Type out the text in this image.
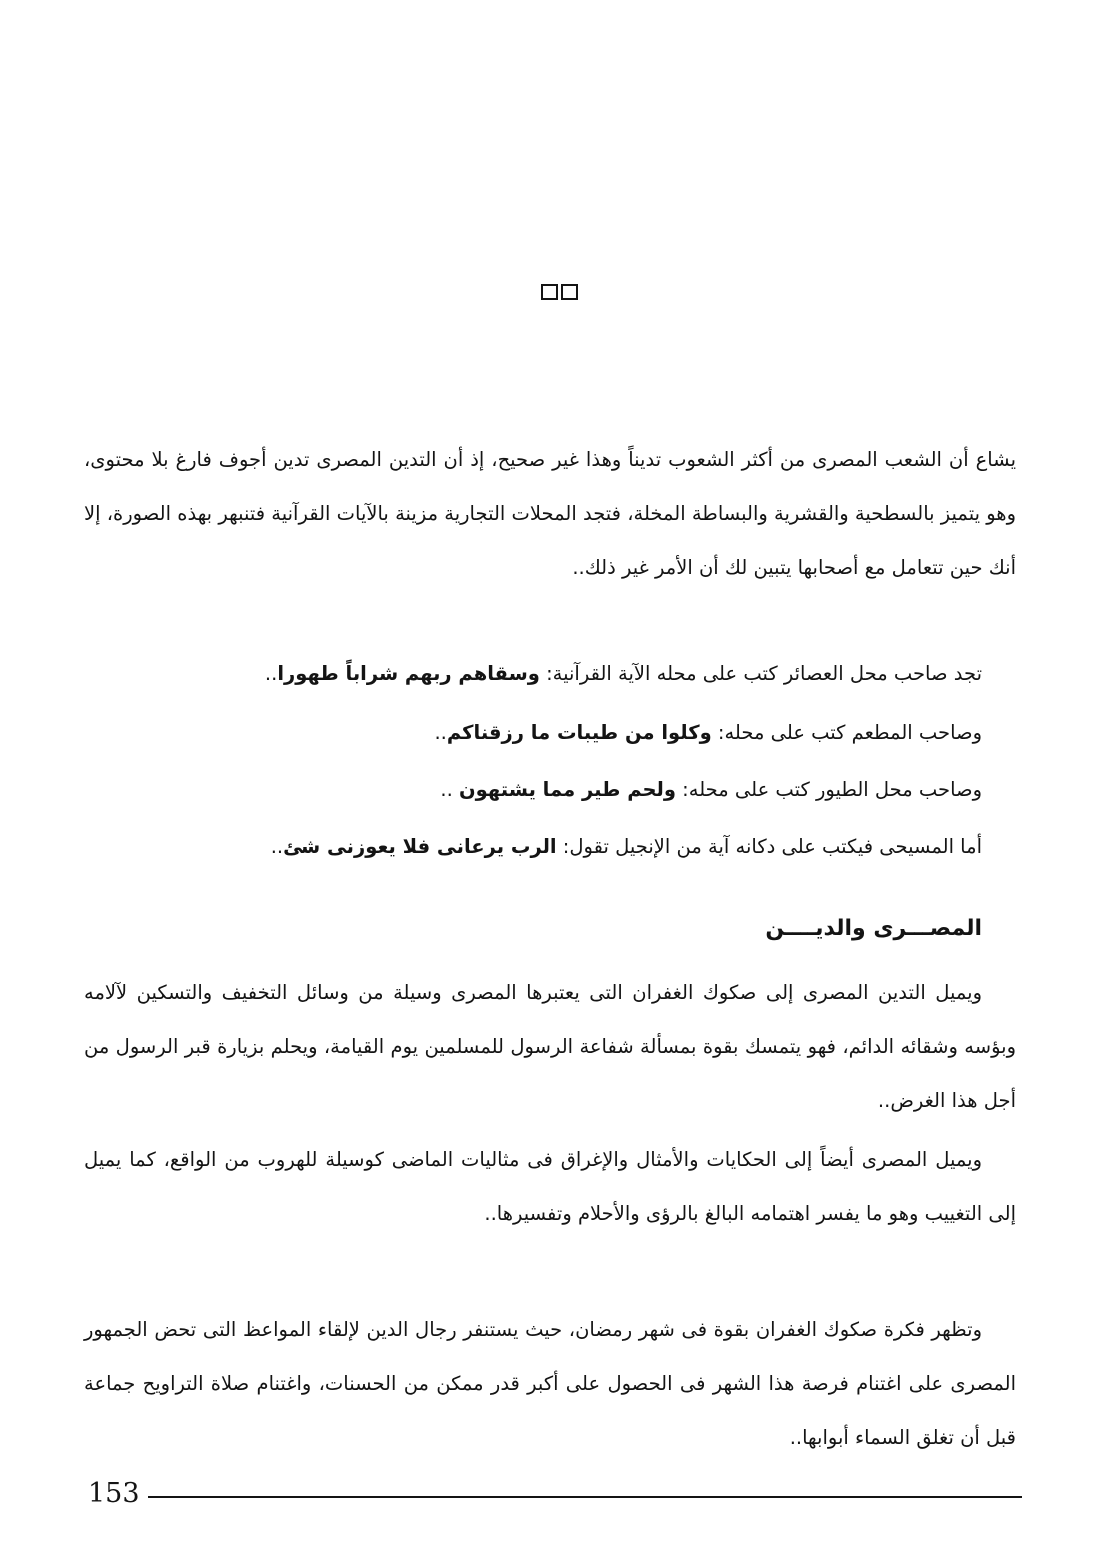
يشاع أن الشعب المصرى من أكثر الشعوب تديناً وهذا غير صحيح، إذ أن التدين المصرى تدين أجوف فارغ بلا محتوى، وهو يتميز بالسطحية والقشرية والبساطة المخلة، فتجد المحلات التجارية مزينة بالآيات القرآنية فتنبهر بهذه الصورة، إلا أنك حين تتعامل مع أصحابها يتبين لك أن الأمر غير ذلك..

تجد صاحب محل العصائر كتب على محله الآية القرآنية: وسقاهم ربهم شراباً طهورا..
وصاحب المطعم كتب على محله: وكلوا من طيبات ما رزقناكم..
وصاحب محل الطيور كتب على محله: ولحم طير مما يشتهون ..
أما المسيحى فيكتب على دكانه آية من الإنجيل تقول: الرب يرعانى فلا يعوزنى شئ..
المصـــرى والديــــن

ويميل التدين المصرى إلى صكوك الغفران التى يعتبرها المصرى وسيلة من وسائل التخفيف والتسكين لآلامه وبؤسه وشقائه الدائم، فهو يتمسك بقوة بمسألة شفاعة الرسول للمسلمين يوم القيامة، ويحلم بزيارة قبر الرسول من أجل هذا الغرض..

ويميل المصرى أيضاً إلى الحكايات والأمثال والإغراق فى مثاليات الماضى كوسيلة للهروب من الواقع، كما يميل إلى التغييب وهو ما يفسر اهتمامه البالغ بالرؤى والأحلام وتفسيرها..

وتظهر فكرة صكوك الغفران بقوة فى شهر رمضان، حيث يستنفر رجال الدين لإلقاء المواعظ التى تحض الجمهور المصرى على اغتنام فرصة هذا الشهر فى الحصول على أكبر قدر ممكن من الحسنات، واغتنام صلاة التراويح جماعة قبل أن تغلق السماء أبوابها..

153
